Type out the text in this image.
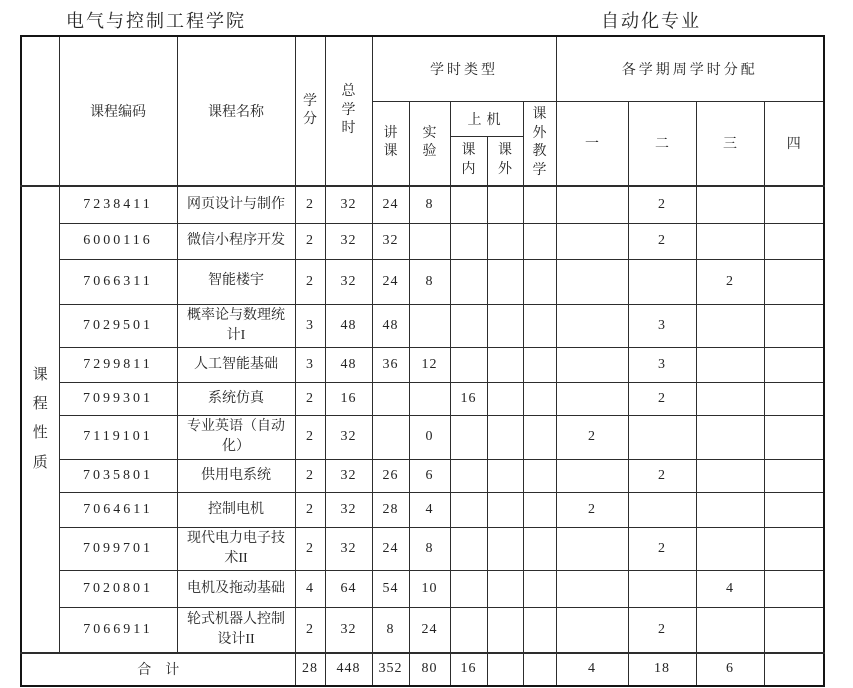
电气与控制工程学院	自动化专业
	课程编码	课程名称	学分	总学时	学时类型					各学期周学时分配			
					讲课	实验	上机		课外教学	一	二	三	四
							课内	课外					
课程性质	7238411	网页设计与制作	2	32	24	8					2		
	6000116	微信小程序开发	2	32	32						2		
	7066311	智能楼宇	2	32	24	8						2	
	7029501	概率论与数理统计I	3	48	48						3		
	7299811	人工智能基础	3	48	36	12					3		
	7099301	系统仿真	2	16			16				2		
	7119101	专业英语（自动化）	2	32		0				2			
	7035801	供用电系统	2	32	26	6					2		
	7064611	控制电机	2	32	28	4				2			
	7099701	现代电力电子技术II	2	32	24	8					2		
	7020801	电机及拖动基础	4	64	54	10						4	
	7066911	轮式机器人控制设计II	2	32	8	24					2		
合　计			28	448	352	80	16			4	18	6	
